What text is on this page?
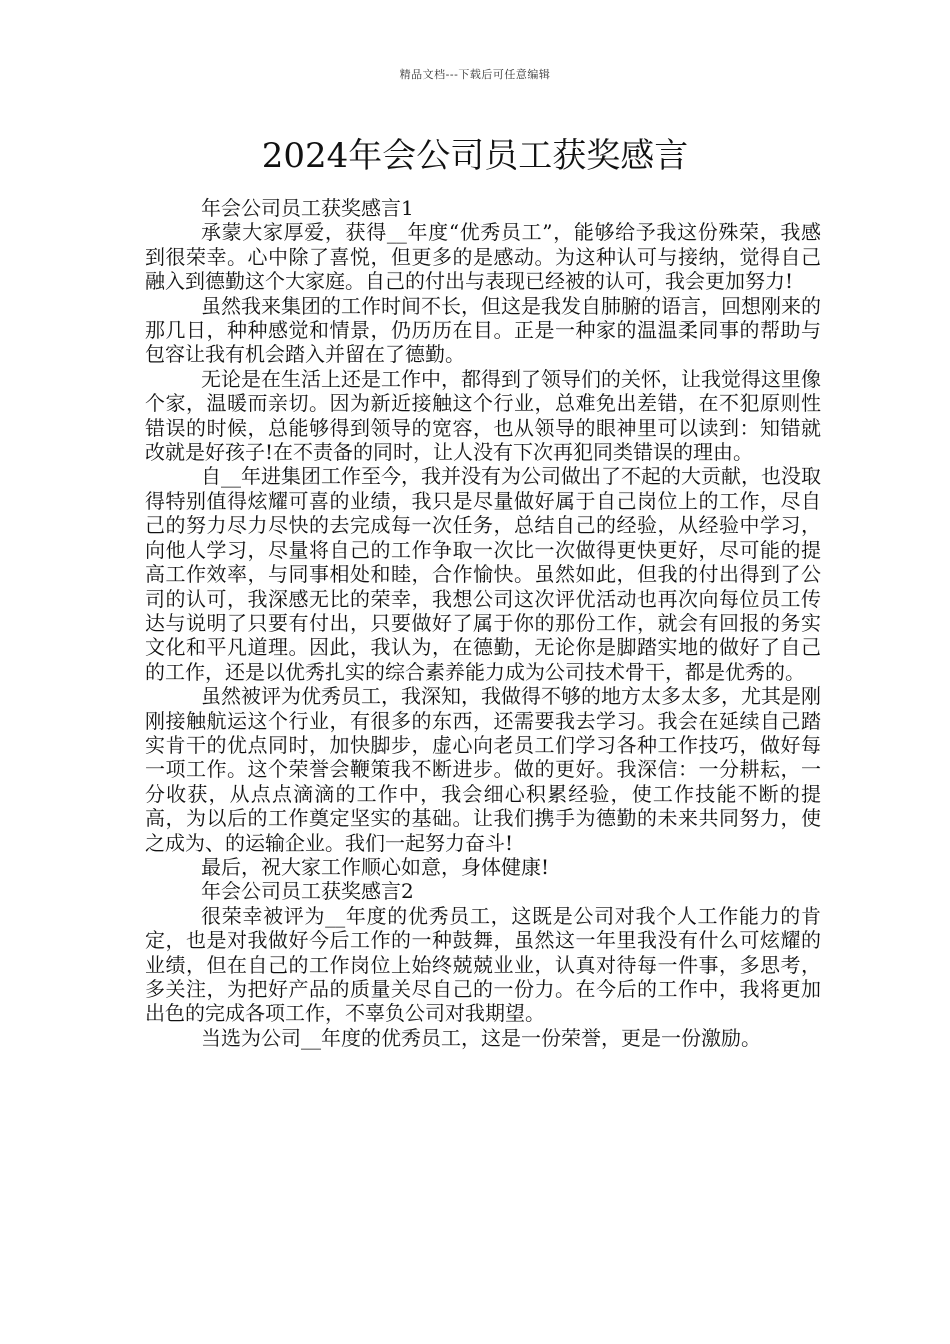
精品文档---下载后可任意编辑
2024年会公司员工获奖感言

年会公司员工获奖感言1

承蒙大家厚爱，获得__年度“优秀员工”，能够给予我这份殊荣，我感到很荣幸。心中除了喜悦，但更多的是感动。为这种认可与接纳，觉得自己融入到德勤这个大家庭。自己的付出与表现已经被的认可，我会更加努力!

虽然我来集团的工作时间不长，但这是我发自肺腑的语言，回想刚来的那几日，种种感觉和情景，仍历历在目。正是一种家的温温柔同事的帮助与包容让我有机会踏入并留在了德勤。

无论是在生活上还是工作中，都得到了领导们的关怀，让我觉得这里像个家，温暖而亲切。因为新近接触这个行业，总难免出差错，在不犯原则性错误的时候，总能够得到领导的宽容，也从领导的眼神里可以读到：知错就改就是好孩子!在不责备的同时，让人没有下次再犯同类错误的理由。

自__年进集团工作至今，我并没有为公司做出了不起的大贡献，也没取得特别值得炫耀可喜的业绩，我只是尽量做好属于自己岗位上的工作，尽自己的努力尽力尽快的去完成每一次任务，总结自己的经验，从经验中学习，向他人学习，尽量将自己的工作争取一次比一次做得更快更好，尽可能的提高工作效率，与同事相处和睦，合作愉快。虽然如此，但我的付出得到了公司的认可，我深感无比的荣幸，我想公司这次评优活动也再次向每位员工传达与说明了只要有付出，只要做好了属于你的那份工作，就会有回报的务实文化和平凡道理。因此，我认为，在德勤，无论你是脚踏实地的做好了自己的工作，还是以优秀扎实的综合素养能力成为公司技术骨干，都是优秀的。

虽然被评为优秀员工，我深知，我做得不够的地方太多太多，尤其是刚刚接触航运这个行业，有很多的东西，还需要我去学习。我会在延续自己踏实肯干的优点同时，加快脚步，虚心向老员工们学习各种工作技巧，做好每一项工作。这个荣誉会鞭策我不断进步。做的更好。我深信：一分耕耘，一分收获，从点点滴滴的工作中，我会细心积累经验，使工作技能不断的提高，为以后的工作奠定坚实的基础。让我们携手为德勤的未来共同努力，使之成为、的运输企业。我们一起努力奋斗!

最后，祝大家工作顺心如意，身体健康!

年会公司员工获奖感言2

很荣幸被评为__年度的优秀员工，这既是公司对我个人工作能力的肯定，也是对我做好今后工作的一种鼓舞，虽然这一年里我没有什么可炫耀的业绩，但在自己的工作岗位上始终兢兢业业，认真对待每一件事，多思考，多关注，为把好产品的质量关尽自己的一份力。在今后的工作中，我将更加出色的完成各项工作，不辜负公司对我期望。

当选为公司__年度的优秀员工，这是一份荣誉，更是一份激励。
